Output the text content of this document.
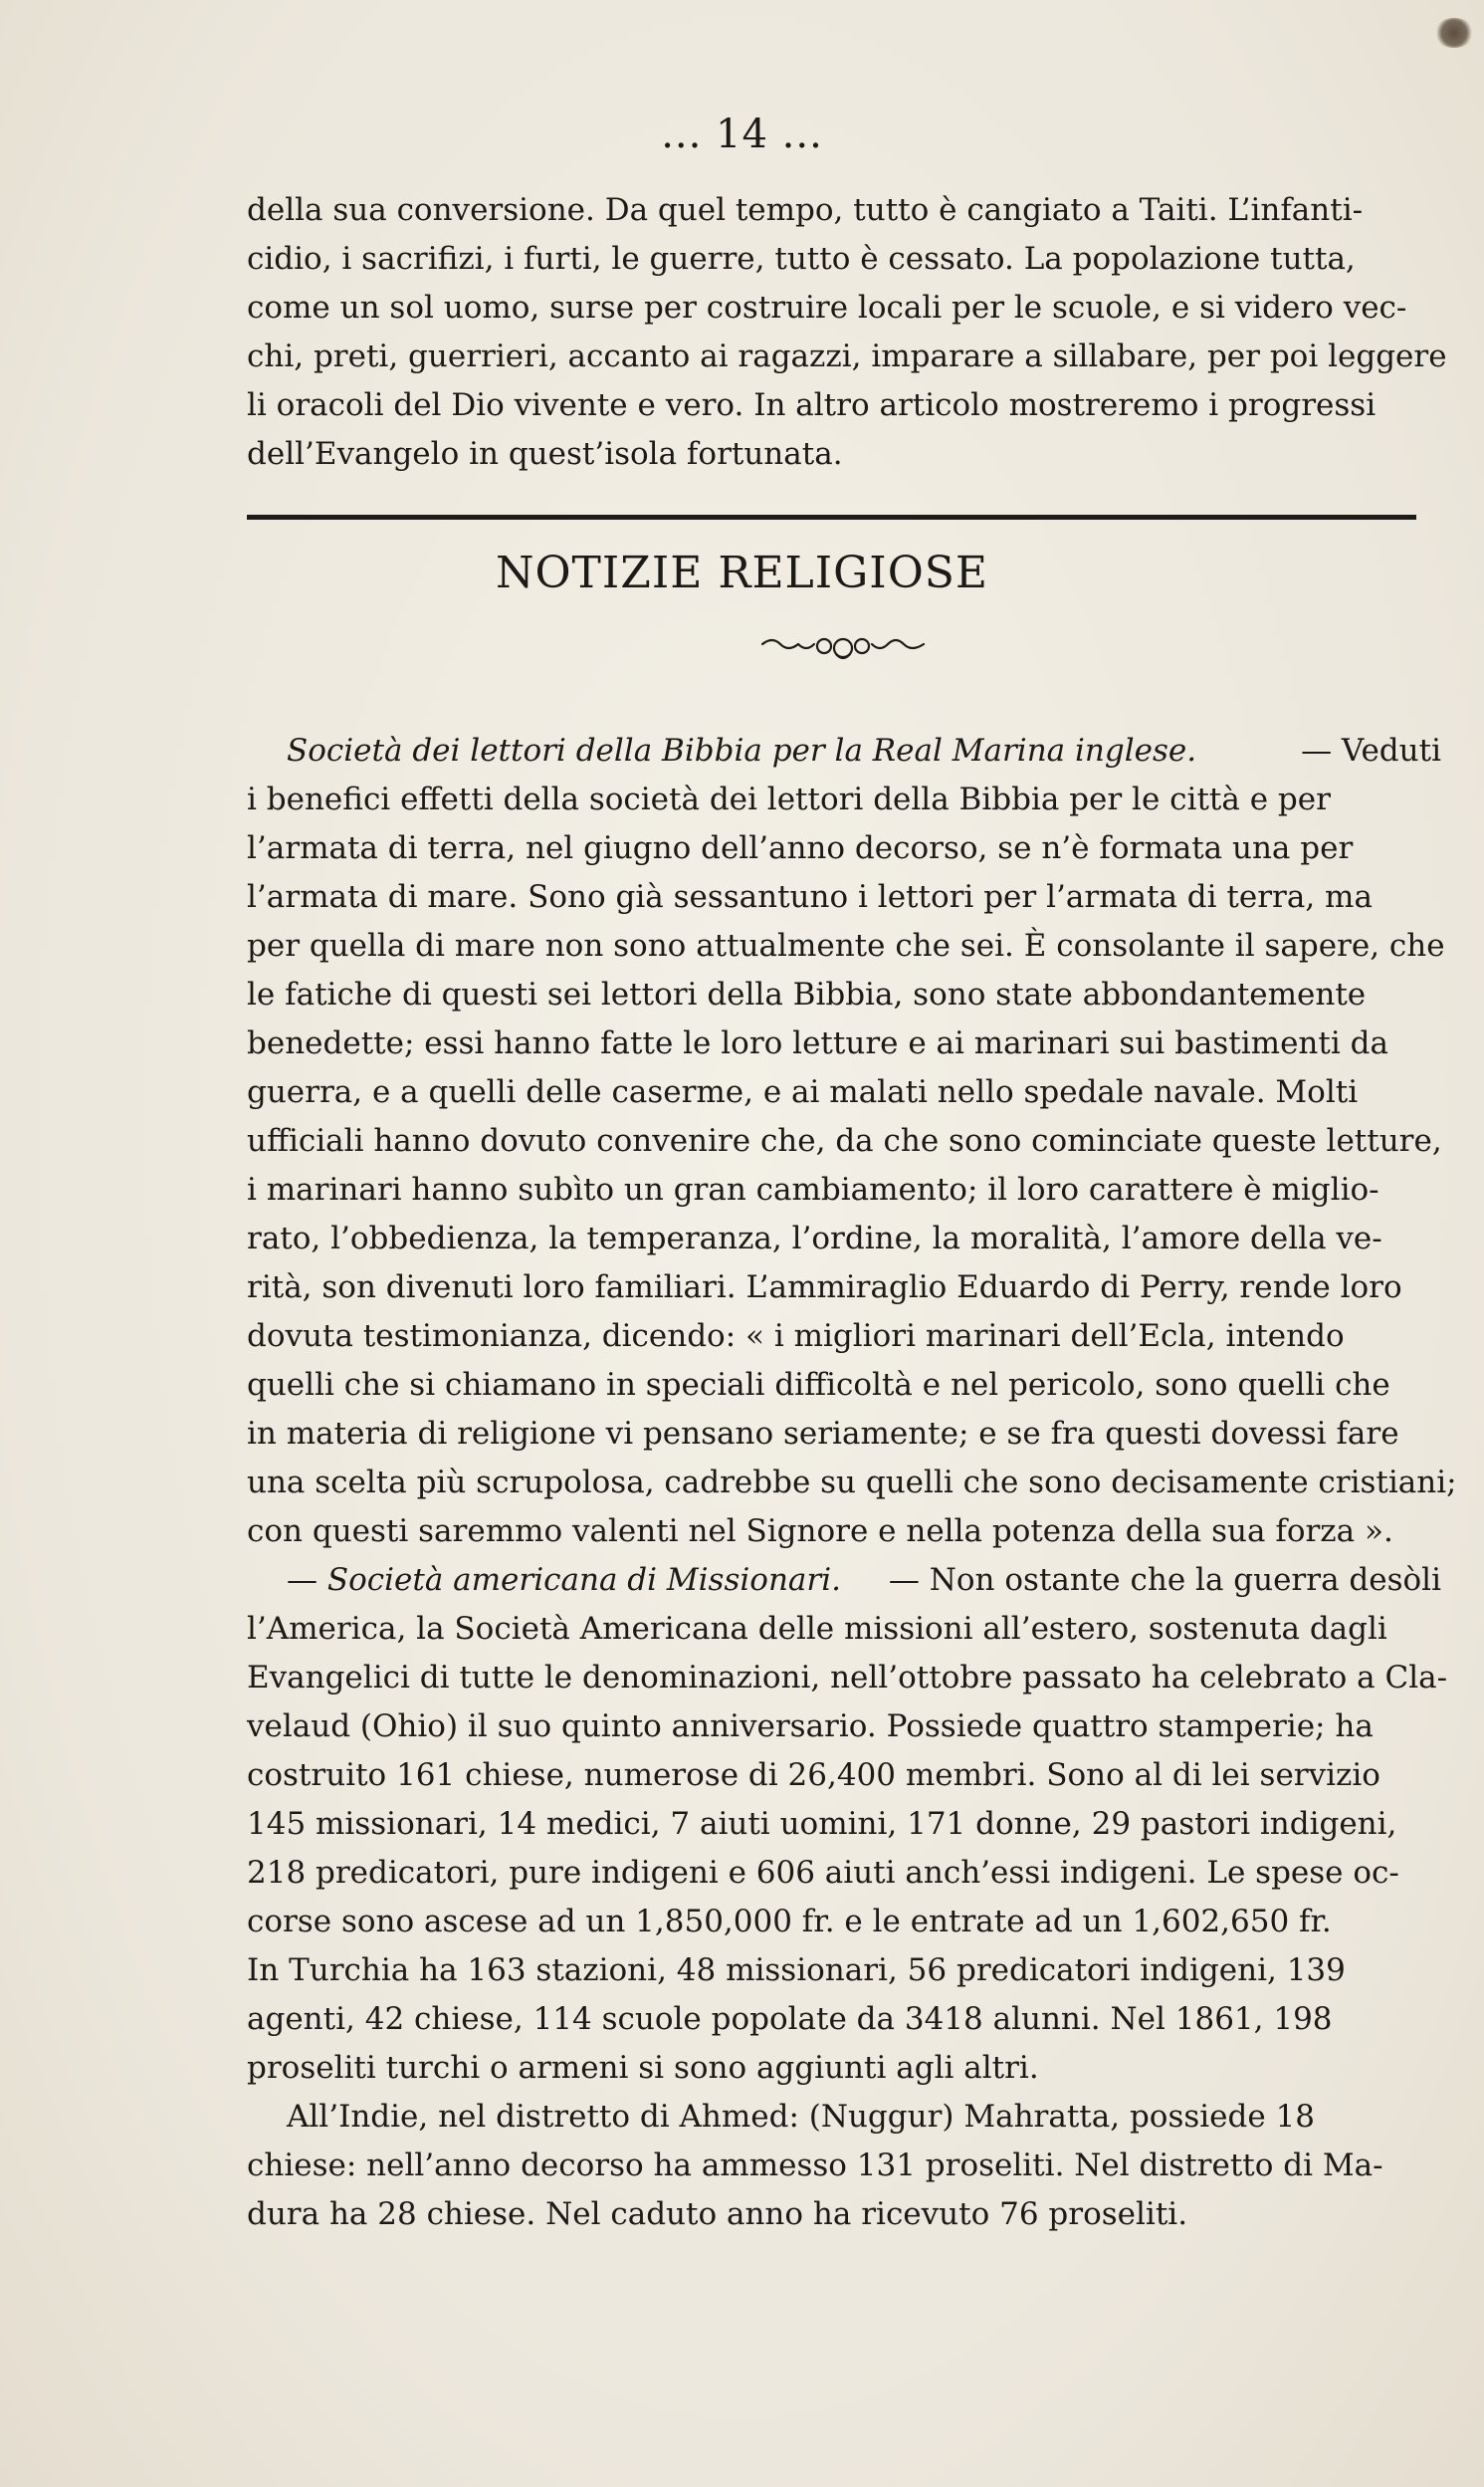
... 14 ...
della sua conversione. Da quel tempo, tutto è cangiato a Taiti. L’infanti-
cidio, i sacrifizi, i furti, le guerre, tutto è cessato. La popolazione tutta,
come un sol uomo, surse per costruire locali per le scuole, e si videro vec-
chi, preti, guerrieri, accanto ai ragazzi, imparare a sillabare, per poi leggere
li oracoli del Dio vivente e vero. In altro articolo mostreremo i progressi
dell’Evangelo in quest’isola fortunata.
NOTIZIE RELIGIOSE
Società dei lettori della Bibbia per la Real Marina inglese.	— Veduti
i benefici effetti della società dei lettori della Bibbia per le città e per
l’armata di terra, nel giugno dell’anno decorso, se n’è formata una per
l’armata di mare. Sono già sessantuno i lettori per l’armata di terra, ma
per quella di mare non sono attualmente che sei. È consolante il sapere, che
le fatiche di questi sei lettori della Bibbia, sono state abbondantemente
benedette; essi hanno fatte le loro letture e ai marinari sui bastimenti da
guerra, e a quelli delle caserme, e ai malati nello spedale navale. Molti
ufficiali hanno dovuto convenire che, da che sono cominciate queste letture,
i marinari hanno subìto un gran cambiamento; il loro carattere è miglio-
rato, l’obbedienza, la temperanza, l’ordine, la moralità, l’amore della ve-
rità, son divenuti loro familiari. L’ammiraglio Eduardo di Perry, rende loro
dovuta testimonianza, dicendo: « i migliori marinari dell’Ecla, intendo
quelli che si chiamano in speciali difficoltà e nel pericolo, sono quelli che
in materia di religione vi pensano seriamente; e se fra questi dovessi fare
una scelta più scrupolosa, cadrebbe su quelli che sono decisamente cristiani;
con questi saremmo valenti nel Signore e nella potenza della sua forza ».
— Società americana di Missionari. — Non ostante che la guerra desòli
l’America, la Società Americana delle missioni all’estero, sostenuta dagli
Evangelici di tutte le denominazioni, nell’ottobre passato ha celebrato a Cla-
velaud (Ohio) il suo quinto anniversario. Possiede quattro stamperie; ha
costruito 161 chiese, numerose di 26,400 membri. Sono al di lei servizio
145 missionari, 14 medici, 7 aiuti uomini, 171 donne, 29 pastori indigeni,
218 predicatori, pure indigeni e 606 aiuti anch’essi indigeni. Le spese oc-
corse sono ascese ad un 1,850,000 fr. e le entrate ad un 1,602,650 fr.
In Turchia ha 163 stazioni, 48 missionari, 56 predicatori indigeni, 139
agenti, 42 chiese, 114 scuole popolate da 3418 alunni. Nel 1861, 198
proseliti turchi o armeni si sono aggiunti agli altri.
All’Indie, nel distretto di Ahmed: (Nuggur) Mahratta, possiede 18
chiese: nell’anno decorso ha ammesso 131 proseliti. Nel distretto di Ma-
dura ha 28 chiese. Nel caduto anno ha ricevuto 76 proseliti.
